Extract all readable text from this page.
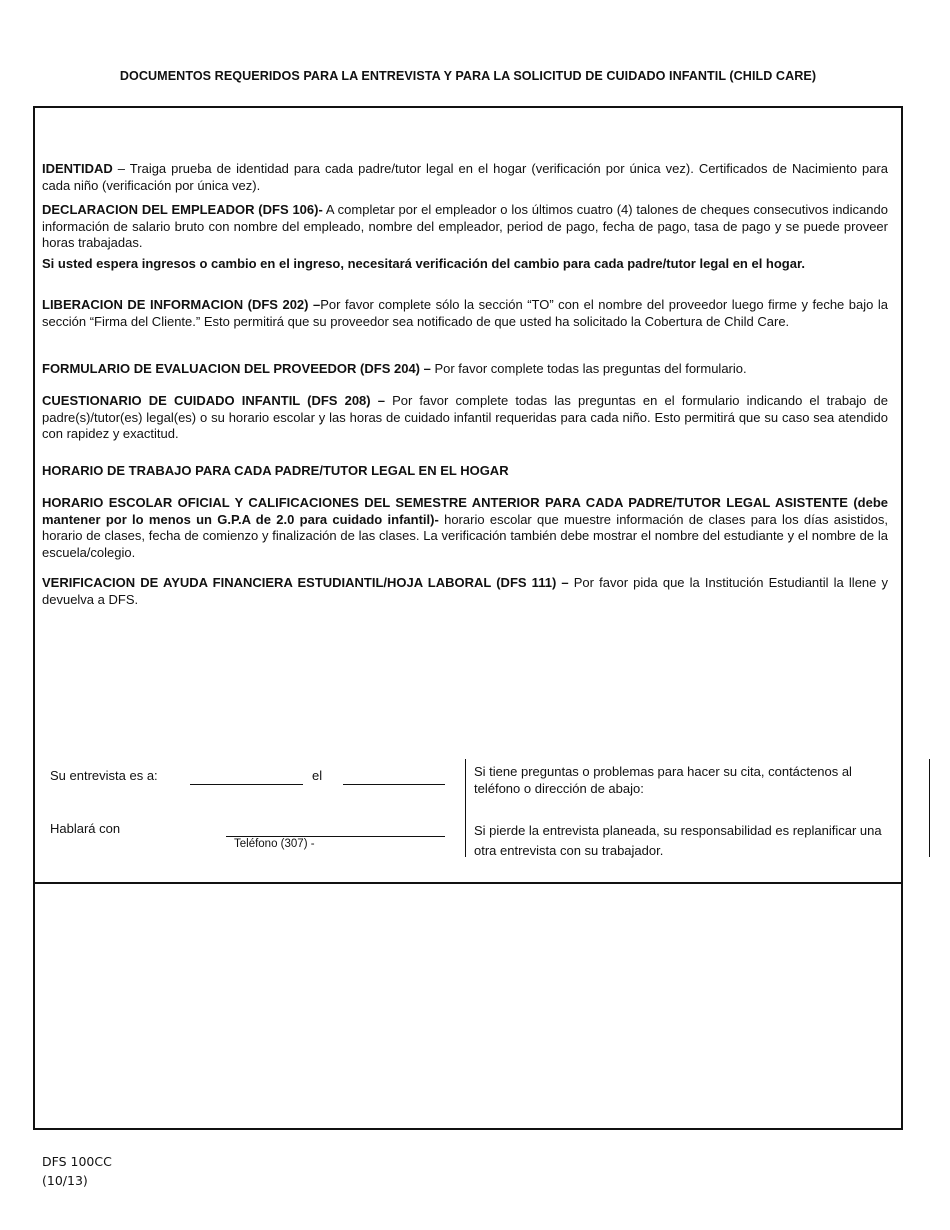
DOCUMENTOS REQUERIDOS PARA LA ENTREVISTA Y PARA LA SOLICITUD DE CUIDADO INFANTIL (CHILD CARE)

IDENTIDAD – Traiga prueba de identidad para cada padre/tutor legal en el hogar (verificación por única vez). Certificados de Nacimiento para cada niño (verificación por única vez).

DECLARACION DEL EMPLEADOR (DFS 106)- A completar por el empleador o los últimos cuatro (4) talones de cheques consecutivos indicando información de salario bruto con nombre del empleado, nombre del empleador, period de pago, fecha de pago, tasa de pago y se puede proveer horas trabajadas.

Si usted espera ingresos o cambio en el ingreso, necesitará verificación del cambio para cada padre/tutor legal en el hogar.

LIBERACION DE INFORMACION (DFS 202) –Por favor complete sólo la sección “TO” con el nombre del proveedor luego firme y feche bajo la sección “Firma del Cliente.” Esto permitirá que su proveedor sea notificado de que usted ha solicitado la Cobertura de Child Care.

FORMULARIO DE EVALUACION DEL PROVEEDOR (DFS 204) – Por favor complete todas las preguntas del formulario.

CUESTIONARIO DE CUIDADO INFANTIL (DFS 208) – Por favor complete todas las preguntas en el formulario indicando el trabajo de padre(s)/tutor(es) legal(es) o su horario escolar y las horas de cuidado infantil requeridas para cada niño. Esto permitirá que su caso sea atendido con rapidez y exactitud.

HORARIO DE TRABAJO PARA CADA PADRE/TUTOR LEGAL EN EL HOGAR

HORARIO ESCOLAR OFICIAL Y CALIFICACIONES DEL SEMESTRE ANTERIOR PARA CADA PADRE/TUTOR LEGAL ASISTENTE (debe mantener por lo menos un G.P.A de 2.0 para cuidado infantil)- horario escolar que muestre información de clases para los días asistidos, horario de clases, fecha de comienzo y finalización de las clases. La verificación también debe mostrar el nombre del estudiante y el nombre de la escuela/colegio.

VERIFICACION DE AYUDA FINANCIERA ESTUDIANTIL/HOJA LABORAL (DFS 111) – Por favor pida que la Institución Estudiantil la llene y devuelva a DFS.

Su entrevista es a:	el
Hablará con
Teléfono (307) -
Si tiene preguntas o problemas para hacer su cita, contáctenos al teléfono o dirección de abajo:
Si pierde la entrevista planeada, su responsabilidad es replanificar una otra entrevista con su trabajador.
DFS 100CC
(10/13)
